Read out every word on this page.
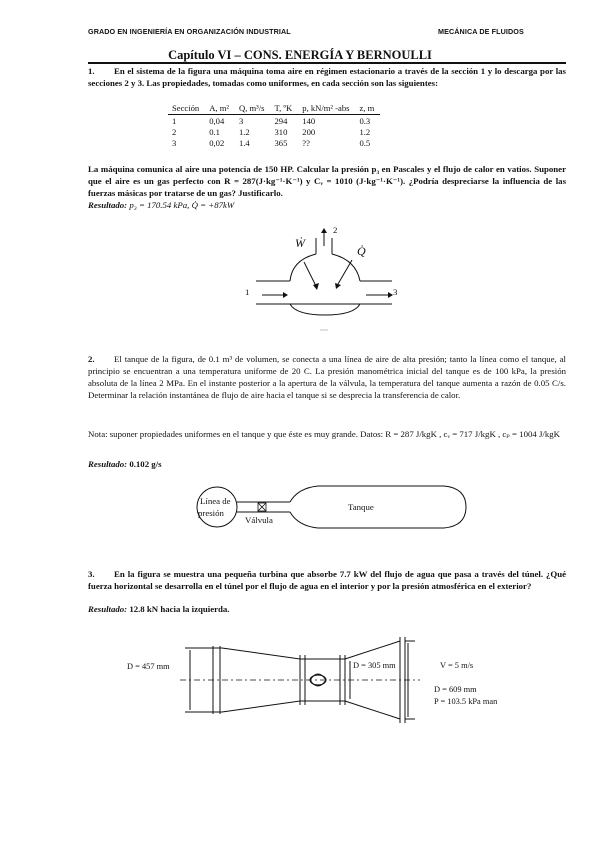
GRADO EN INGENIERÍA EN ORGANIZACIÓN INDUSTRIAL	MECÁNICA DE FLUIDOS
Capítulo VI – CONS. ENERGÍA Y BERNOULLI
1. En el sistema de la figura una máquina toma aire en régimen estacionario a través de la sección 1 y lo descarga por las secciones 2 y 3. Las propiedades, tomadas como uniformes, en cada sección son las siguientes:
Sección	A, m²	Q, m³/s	T, ºK	p, kN/m² -abs	z, m
1	0,04	3	294	140	0.3
2	0.1	1.2	310	200	1.2
3	0,02	1.4	365	??	0.5
La máquina comunica al aire una potencia de 150 HP. Calcular la presión p₃ en Pascales y el flujo de calor en vatios. Suponer que el aire es un gas perfecto con R = 287(J·kg⁻¹·K⁻¹) y Cᵥ = 1010 (J·kg⁻¹·K⁻¹). ¿Podría despreciarse la influencia de las fuerzas másicas por tratarse de un gas? Justificarlo.
Resultado: p₃ = 170.54 kPa, Q̇ = +87kW
Ẇ
Q̇
1
2
3
2. El tanque de la figura, de 0.1 m³ de volumen, se conecta a una línea de aire de alta presión; tanto la línea como el tanque, al principio se encuentran a una temperatura uniforme de 20 C. La presión manométrica inicial del tanque es de 100 kPa, la presión absoluta de la línea 2 MPa. En el instante posterior a la apertura de la válvula, la temperatura del tanque aumenta a razón de 0.05 C/s. Determinar la relación instantánea de flujo de aire hacia el tanque si se desprecia la transferencia de calor.
Nota: suponer propiedades uniformes en el tanque y que éste es muy grande. Datos: R = 287 J/kgK , cᵥ = 717 J/kgK , cₚ = 1004 J/kgK
Resultado: 0.102 g/s
Línea de
presión
Válvula
Tanque
3. En la figura se muestra una pequeña turbina que absorbe 7.7 kW del flujo de agua que pasa a través del túnel. ¿Qué fuerza horizontal se desarrolla en el túnel por el flujo de agua en el interior y por la presión atmosférica en el exterior?
Resultado: 12.8 kN hacia la izquierda.
D = 457 mm	D = 305 mm	V = 5 m/s
D = 609 mm
P = 103.5 kPa man
